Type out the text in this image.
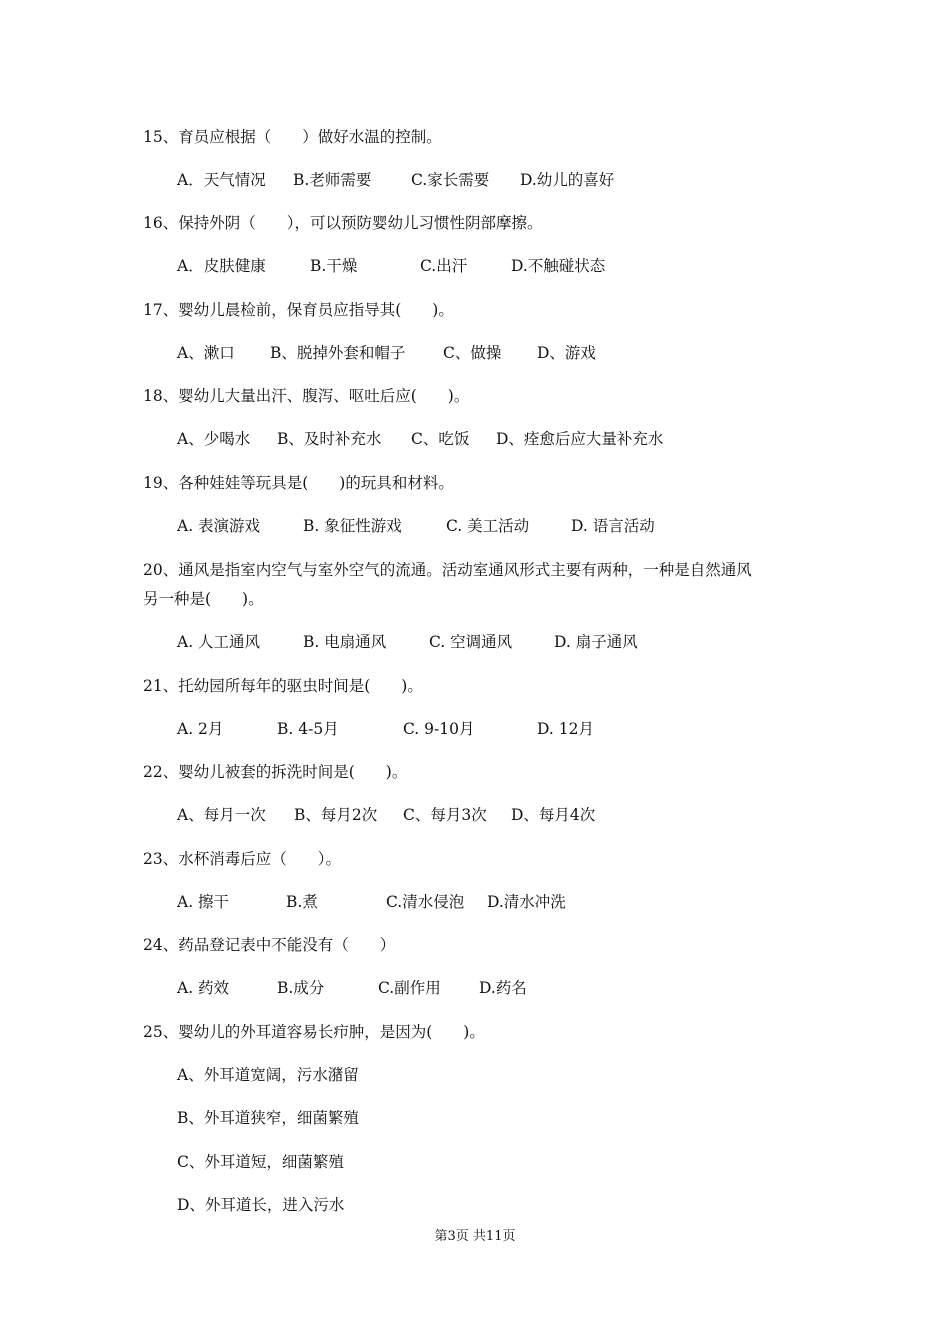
15、育员应根据（　　）做好水温的控制。
A．天气情况 B.老师需要	C.家长需要 D.幼儿的喜好
16、保持外阴（　　），可以预防婴幼儿习惯性阴部摩擦。
A．皮肤健康	B.干燥	C.出汗	D.不触碰状态
17、婴幼儿晨检前，保育员应指导其(　　)。
A、漱口 B、脱掉外套和帽子 C、做操 D、游戏
18、婴幼儿大量出汗、腹泻、呕吐后应(　　)。
A、少喝水 B、及时补充水 C、吃饭 D、痊愈后应大量补充水
19、各种娃娃等玩具是(　　)的玩具和材料。
A. 表演游戏	B. 象征性游戏	C. 美工活动	D. 语言活动
20、通风是指室内空气与室外空气的流通。活动室通风形式主要有两种，一种是自然通风
另一种是(　　)。
A. 人工通风	B. 电扇通风	C. 空调通风	D. 扇子通风
21、托幼园所每年的驱虫时间是(　　)。
A. 2月	B. 4-5月	C. 9-10月	D. 12月
22、婴幼儿被套的拆洗时间是(　　)。
A、每月一次 B、每月2次 C、每月3次 D、每月4次
23、水杯消毒后应（　　）。
A. 擦干	B.煮	C.清水侵泡 D.清水冲洗
24、药品登记表中不能没有（　　）
A. 药效	B.成分	C.副作用 D.药名
25、婴幼儿的外耳道容易长疖肿，是因为(　　)。
A、外耳道宽阔，污水潴留
B、外耳道狭窄，细菌繁殖
C、外耳道短，细菌繁殖
D、外耳道长，进入污水
第3页 共11页
